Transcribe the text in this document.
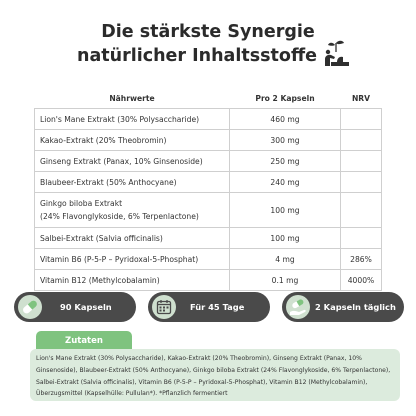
Die stärkste Synergie
natürlicher Inhaltsstoffe
Nährwerte	Pro 2 Kapseln	NRV
Lion's Mane Extrakt (30% Polysaccharide)	460 mg	
Kakao-Extrakt (20% Theobromin)	300 mg	
Ginseng Extrakt (Panax, 10% Ginsenoside)	250 mg	
Blaubeer-Extrakt (50% Anthocyane)	240 mg	
Ginkgo biloba Extrakt
(24% Flavonglykoside, 6% Terpenlactone)	100 mg	
Salbei-Extrakt (Salvia officinalis)	100 mg	
Vitamin B6 (P-5-P – Pyridoxal-5-Phosphat)	4 mg	286%
Vitamin B12 (Methylcobalamin)	0.1 mg	4000%
90 Kapseln	Für 45 Tage	2 Kapseln täglich
Zutaten
Lion's Mane Extrakt (30% Polysaccharide), Kakao-Extrakt (20% Theobromin), Ginseng Extrakt (Panax, 10% Ginsenoside), Blaubeer-Extrakt (50% Anthocyane), Ginkgo biloba Extrakt (24% Flavonglykoside, 6% Terpenlactone), Salbei-Extrakt (Salvia officinalis), Vitamin B6 (P-5-P – Pyridoxal-5-Phosphat), Vitamin B12 (Methylcobalamin), Überzugsmittel (Kapselhülle: Pullulan*). *Pflanzlich fermentiert
